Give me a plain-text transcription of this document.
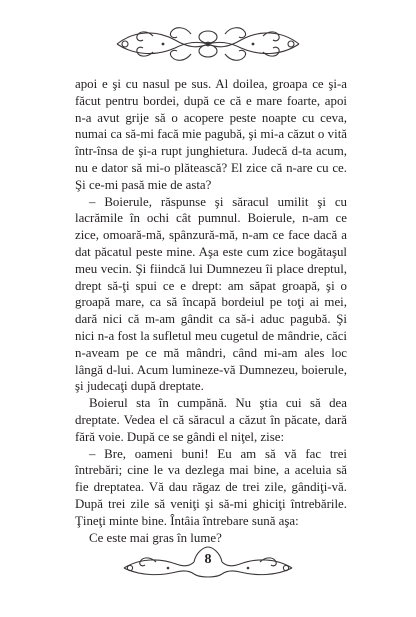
apoi e şi cu nasul pe sus. Al doilea, groapa ce şi-a făcut pentru bordei, după ce că e mare foarte, apoi n-a avut grije să o acopere peste noapte cu ceva, numai ca să-mi facă mie pagubă, şi mi-a căzut o vită într-însa de şi-a rupt junghietura. Judecă d-ta acum, nu e dator să mi-o plătească? El zice că n-are cu ce. Şi ce-mi pasă mie de asta?

– Boierule, răspunse şi săracul umilit şi cu lacrămile în ochi cât pumnul. Boierule, n-am ce zice, omoară-mă, spânzură-mă, n-am ce face dacă a dat păcatul peste mine. Aşa este cum zice bogătaşul meu vecin. Şi fiindcă lui Dumnezeu îi place dreptul, drept să-ţi spui ce e drept: am săpat groapă, şi o groapă mare, ca să încapă bordeiul pe toţi ai mei, dară nici că m-am gândit ca să-i aduc pagubă. Şi nici n-a fost la sufletul meu cugetul de mândrie, căci n-aveam pe ce mă mândri, când mi-am ales loc lângă d-lui. Acum lumineze-vă Dumnezeu, boierule, şi judecaţi după dreptate.

Boierul sta în cumpănă. Nu ştia cui să dea dreptate. Vedea el că săracul a căzut în păcate, dară fără voie. După ce se gândi el niţel, zise:

– Bre, oameni buni! Eu am să vă fac trei întrebări; cine le va dezlega mai bine, a aceluia să fie dreptatea. Vă dau răgaz de trei zile, gândiţi-vă. După trei zile să veniţi şi să-mi ghiciţi întrebările. Ţineţi minte bine. Întâia întrebare sună aşa:

Ce este mai gras în lume?

8
